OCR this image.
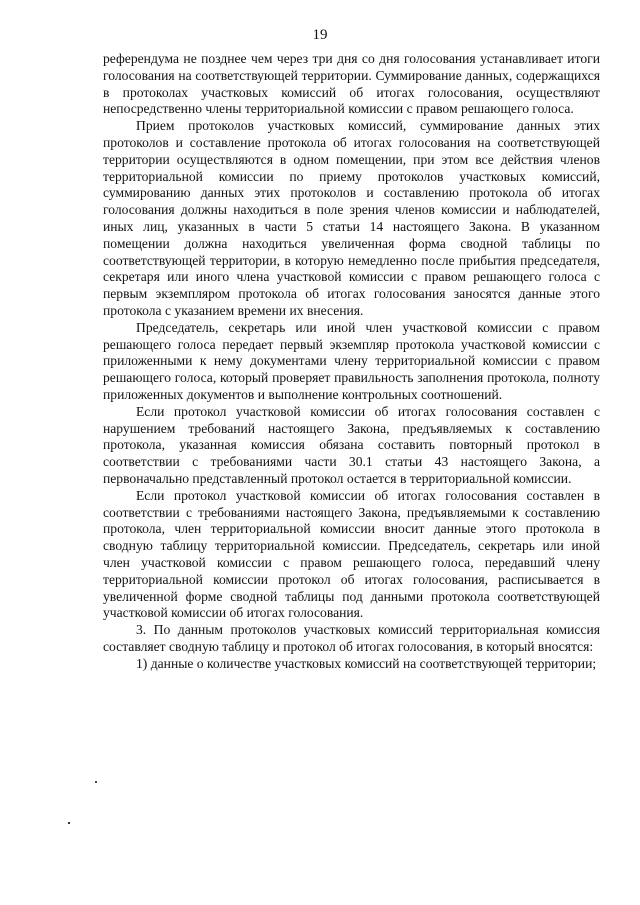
19

референдума не позднее чем через три дня со дня голосования устанавливает итоги голосования на соответствующей территории. Суммирование данных, содержащихся в протоколах участковых комиссий об итогах голосования, осуществляют непосредственно члены территориальной комиссии с правом решающего голоса.

Прием протоколов участковых комиссий, суммирование данных этих протоколов и составление протокола об итогах голосования на соответствующей территории осуществляются в одном помещении, при этом все действия членов территориальной комиссии по приему протоколов участковых комиссий, суммированию данных этих протоколов и составлению протокола об итогах голосования должны находиться в поле зрения членов комиссии и наблюдателей, иных лиц, указанных в части 5 статьи 14 настоящего Закона. В указанном помещении должна находиться увеличенная форма сводной таблицы по соответствующей территории, в которую немедленно после прибытия председателя, секретаря или иного члена участковой комиссии с правом решающего голоса с первым экземпляром протокола об итогах голосования заносятся данные этого протокола с указанием времени их внесения.

Председатель, секретарь или иной член участковой комиссии с правом решающего голоса передает первый экземпляр протокола участковой комиссии с приложенными к нему документами члену территориальной комиссии с правом решающего голоса, который проверяет правильность заполнения протокола, полноту приложенных документов и выполнение контрольных соотношений.

Если протокол участковой комиссии об итогах голосования составлен с нарушением требований настоящего Закона, предъявляемых к составлению протокола, указанная комиссия обязана составить повторный протокол в соответствии с требованиями части 30.1 статьи 43 настоящего Закона, а первоначально представленный протокол остается в территориальной комиссии.

Если протокол участковой комиссии об итогах голосования составлен в соответствии с требованиями настоящего Закона, предъявляемыми к составлению протокола, член территориальной комиссии вносит данные этого протокола в сводную таблицу территориальной комиссии. Председатель, секретарь или иной член участковой комиссии с правом решающего голоса, передавший члену территориальной комиссии протокол об итогах голосования, расписывается в увеличенной форме сводной таблицы под данными протокола соответствующей участковой комиссии об итогах голосования.

3. По данным протоколов участковых комиссий территориальная комиссия составляет сводную таблицу и протокол об итогах голосования, в который вносятся:

1) данные о количестве участковых комиссий на соответствующей территории;
